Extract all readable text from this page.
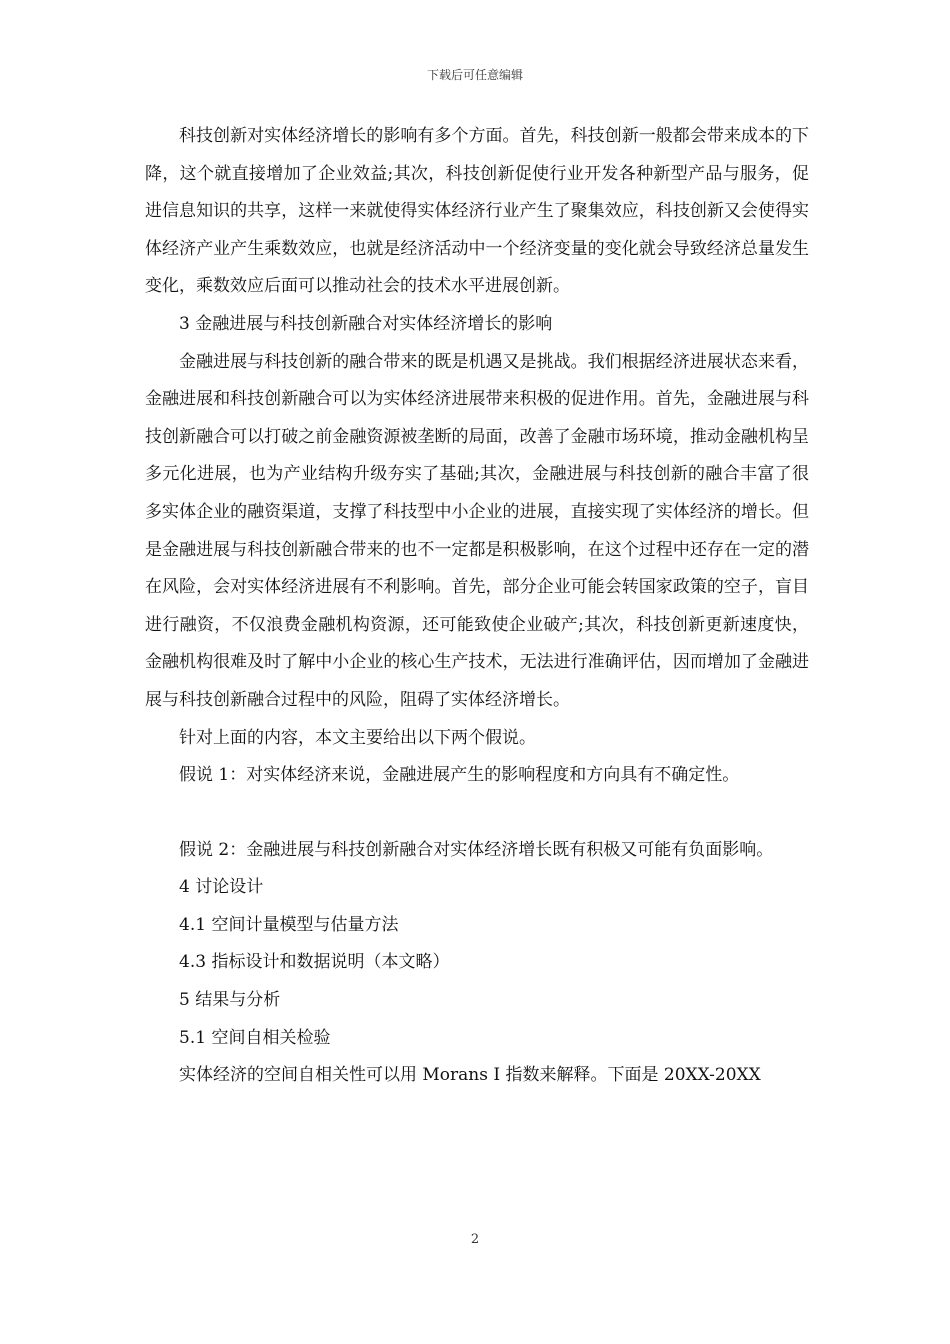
下载后可任意编辑

科技创新对实体经济增长的影响有多个方面。首先，科技创新一般都会带来成本的下降，这个就直接增加了企业效益;其次，科技创新促使行业开发各种新型产品与服务，促进信息知识的共享，这样一来就使得实体经济行业产生了聚集效应，科技创新又会使得实体经济产业产生乘数效应，也就是经济活动中一个经济变量的变化就会导致经济总量发生变化，乘数效应后面可以推动社会的技术水平进展创新。

3 金融进展与科技创新融合对实体经济增长的影响

金融进展与科技创新的融合带来的既是机遇又是挑战。我们根据经济进展状态来看，金融进展和科技创新融合可以为实体经济进展带来积极的促进作用。首先，金融进展与科技创新融合可以打破之前金融资源被垄断的局面，改善了金融市场环境，推动金融机构呈多元化进展，也为产业结构升级夯实了基础;其次，金融进展与科技创新的融合丰富了很多实体企业的融资渠道，支撑了科技型中小企业的进展，直接实现了实体经济的增长。但是金融进展与科技创新融合带来的也不一定都是积极影响，在这个过程中还存在一定的潜在风险，会对实体经济进展有不利影响。首先，部分企业可能会转国家政策的空子，盲目进行融资，不仅浪费金融机构资源，还可能致使企业破产;其次，科技创新更新速度快，金融机构很难及时了解中小企业的核心生产技术，无法进行准确评估，因而增加了金融进展与科技创新融合过程中的风险，阻碍了实体经济增长。

针对上面的内容，本文主要给出以下两个假说。

假说 1：对实体经济来说，金融进展产生的影响程度和方向具有不确定性。

假说 2：金融进展与科技创新融合对实体经济增长既有积极又可能有负面影响。

4 讨论设计

4.1 空间计量模型与估量方法

4.3 指标设计和数据说明（本文略）

5 结果与分析

5.1 空间自相关检验

实体经济的空间自相关性可以用 Morans I 指数来解释。下面是 20XX-20XX

2
